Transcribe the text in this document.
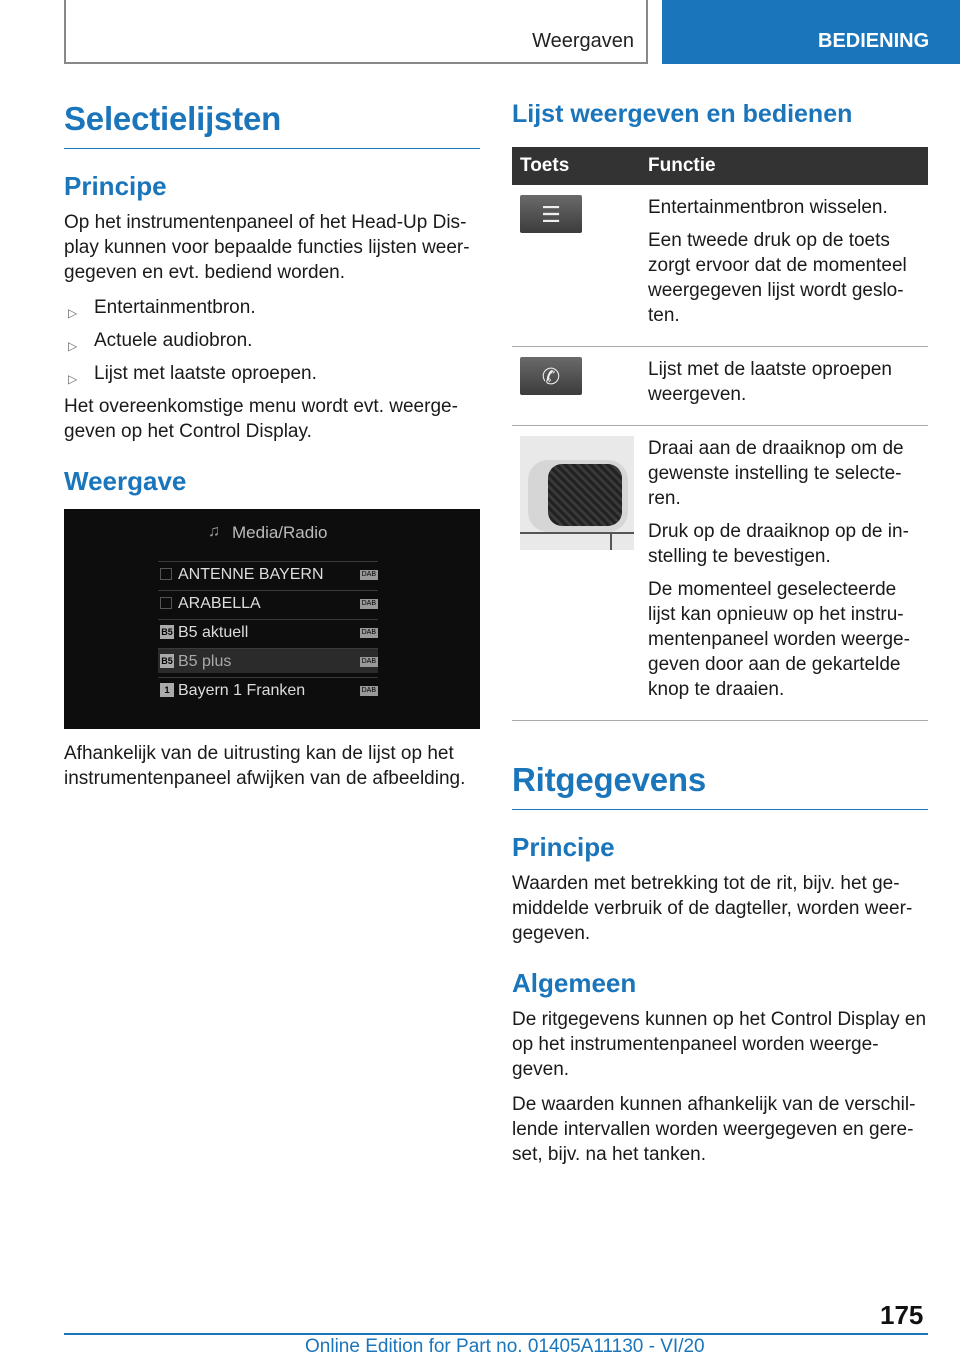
Weergaven	BEDIENING
Selectielijsten
Principe

Op het instrumentenpaneel of het Head-Up Display kunnen voor bepaalde functies lijsten weergegeven en evt. bediend worden.

▷ Entertainmentbron.
▷ Actuele audiobron.
▷ Lijst met laatste oproepen.

Het overeenkomstige menu wordt evt. weergegeven op het Control Display.

Weergave
♫ Media/Radio
ANTENNE BAYERN	DAB
ARABELLA	DAB
B5 B5 aktuell	DAB
B5 B5 plus	DAB
1 Bayern 1 Franken	DAB

Afhankelijk van de uitrusting kan de lijst op het instrumentenpaneel afwijken van de afbeelding.

Lijst weergeven en bedienen
Toets	Functie

☰	Entertainmentbron wisselen.

Een tweede druk op de toets zorgt ervoor dat de momenteel weergegeven lijst wordt gesloten.

✆	Lijst met de laatste oproepen weergeven.

	Draai aan de draaiknop om de gewenste instelling te selecteren.

Druk op de draaiknop op de instelling te bevestigen.

De momenteel geselecteerde lijst kan opnieuw op het instrumentenpaneel worden weergegeven door aan de gekartelde knop te draaien.

Ritgegevens
Principe

Waarden met betrekking tot de rit, bijv. het gemiddelde verbruik of de dagteller, worden weergegeven.

Algemeen

De ritgegevens kunnen op het Control Display en op het instrumentenpaneel worden weergegeven.

De waarden kunnen afhankelijk van de verschillende intervallen worden weergegeven en gereset, bijv. na het tanken.

175
Online Edition for Part no. 01405A11130 - VI/20
